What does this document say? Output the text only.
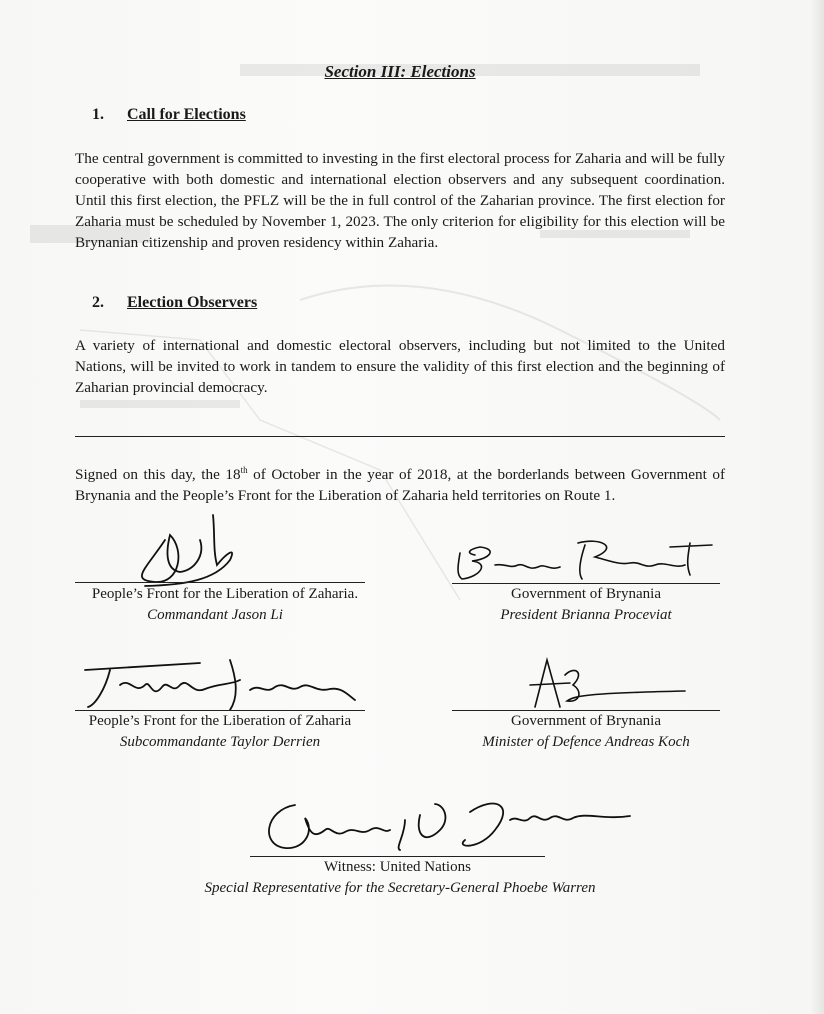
Section III: Elections
1. Call for Elections
The central government is committed to investing in the first electoral process for Zaharia and will be fully cooperative with both domestic and international election observers and any subsequent coordination. Until this first election, the PFLZ will be the in full control of the Zaharian province. The first election for Zaharia must be scheduled by November 1, 2023. The only criterion for eligibility for this election will be Brynanian citizenship and proven residency within Zaharia.
2. Election Observers
A variety of international and domestic electoral observers, including but not limited to the United Nations, will be invited to work in tandem to ensure the validity of this first election and the beginning of Zaharian provincial democracy.
Signed on this day, the 18th of October in the year of 2018, at the borderlands between Government of Brynania and the People’s Front for the Liberation of Zaharia held territories on Route 1.
People’s Front for the Liberation of Zaharia.
Commandant Jason Li
Government of Brynania
President Brianna Proceviat
People’s Front for the Liberation of Zaharia
Subcommandante Taylor Derrien
Government of Brynania
Minister of Defence Andreas Koch
Witness: United Nations
Special Representative for the Secretary-General Phoebe Warren
